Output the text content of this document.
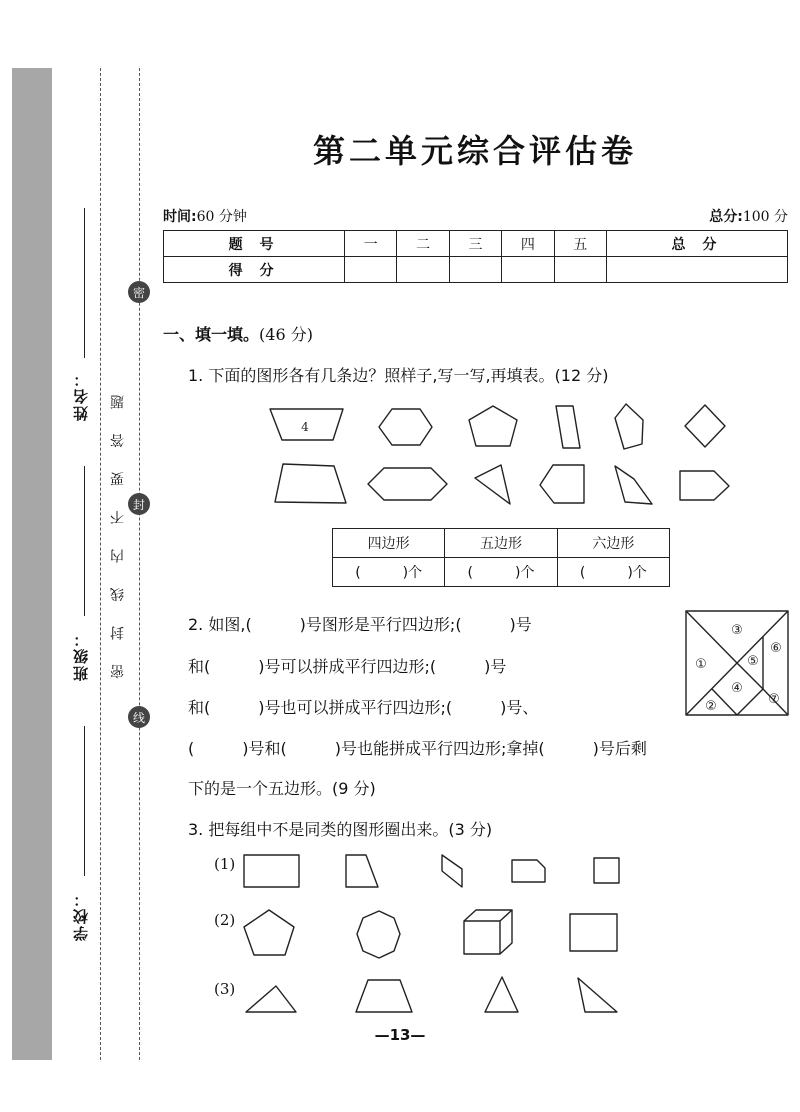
学校：
班级：
姓名：
密
封
线
密 封 线 内 不 要 答 题
第二单元综合评估卷
时间:60 分钟	总分:100 分
题 号	一	二	三	四	五	总 分
得 分						
一、填一填。(46 分)
1. 下面的图形各有几条边？照样子,写一写,再填表。(12 分)
四边形	五边形	六边形
(　　　)个	(　　　)个	(　　　)个
2. 如图,(　　　)号图形是平行四边形;(　　　)号
和(　　　)号可以拼成平行四边形;(　　　)号
和(　　　)号也可以拼成平行四边形;(　　　)号、
(　　　)号和(　　　)号也能拼成平行四边形;拿掉(　　　)号后剩
下的是一个五边形。(9 分)
3. 把每组中不是同类的图形圈出来。(3 分)
(1)
(2)
(3)
4
①
②
③
④
⑤
⑥
⑦
—13—
